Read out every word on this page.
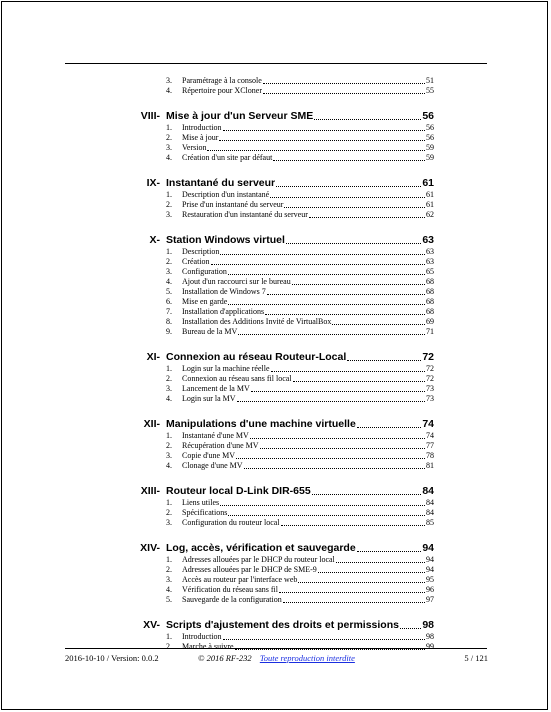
3. Paramétrage à la console	51
4. Répertoire pour XCloner	55
VIII- Mise à jour d'un Serveur SME	56
1. Introduction	56
2. Mise à jour	56
3. Version	59
4. Création d'un site par défaut	59
IX- Instantané du serveur	61
1. Description d'un instantané	61
2. Prise d'un instantané du serveur	61
3. Restauration d'un instantané du serveur	62
X- Station Windows virtuel	63
1. Description	63
2. Création	63
3. Configuration	65
4. Ajout d'un raccourci sur le bureau	68
5. Installation de Windows 7	68
6. Mise en garde	68
7. Installation d'applications	68
8. Installation des Additions Invité de VirtualBox	69
9. Bureau de la MV	71
XI- Connexion au réseau Routeur-Local	72
1. Login sur la machine réelle	72
2. Connexion au réseau sans fil local	72
3. Lancement de la MV	73
4. Login sur la MV	73
XII- Manipulations d'une machine virtuelle	74
1. Instantané d'une MV	74
2. Récupération d'une MV	77
3. Copie d'une MV	78
4. Clonage d'une MV	81
XIII- Routeur local D-Link DIR-655	84
1. Liens utiles	84
2. Spécifications	84
3. Configuration du routeur local	85
XIV- Log, accès, vérification et sauvegarde	94
1. Adresses allouées par le DHCP du routeur local	94
2. Adresses allouées par le DHCP de SME-9	94
3. Accès au routeur par l'interface web	95
4. Vérification du réseau sans fil	96
5. Sauvegarde de la configuration	97
XV- Scripts d'ajustement des droits et permissions 98
1. Introduction	98
2. Marche à suivre	99
2016-10-10 / Version: 0.0.2	© 2016 RF-232 Toute reproduction interdite	5 / 121
